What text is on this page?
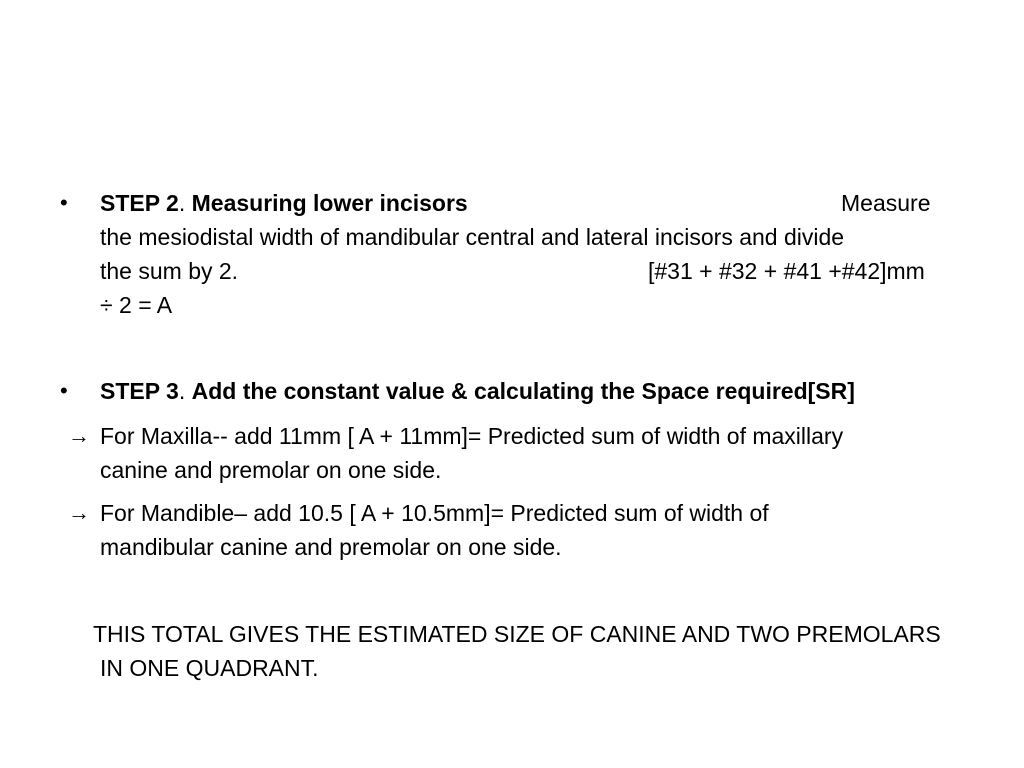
• STEP 2. Measuring lower incisors	Measure
the mesiodistal width of mandibular central and lateral incisors and divide
the sum by 2.	[#31 + #32 + #41 +#42]mm
÷ 2 = A
• STEP 3. Add the constant value & calculating the Space required[SR]
→ For Maxilla-- add 11mm [ A + 11mm]= Predicted sum of width of maxillary
canine and premolar on one side.
→ For Mandible– add 10.5 [ A + 10.5mm]= Predicted sum of width of
mandibular canine and premolar on one side.
THIS TOTAL GIVES THE ESTIMATED SIZE OF CANINE AND TWO PREMOLARS
IN ONE QUADRANT.
